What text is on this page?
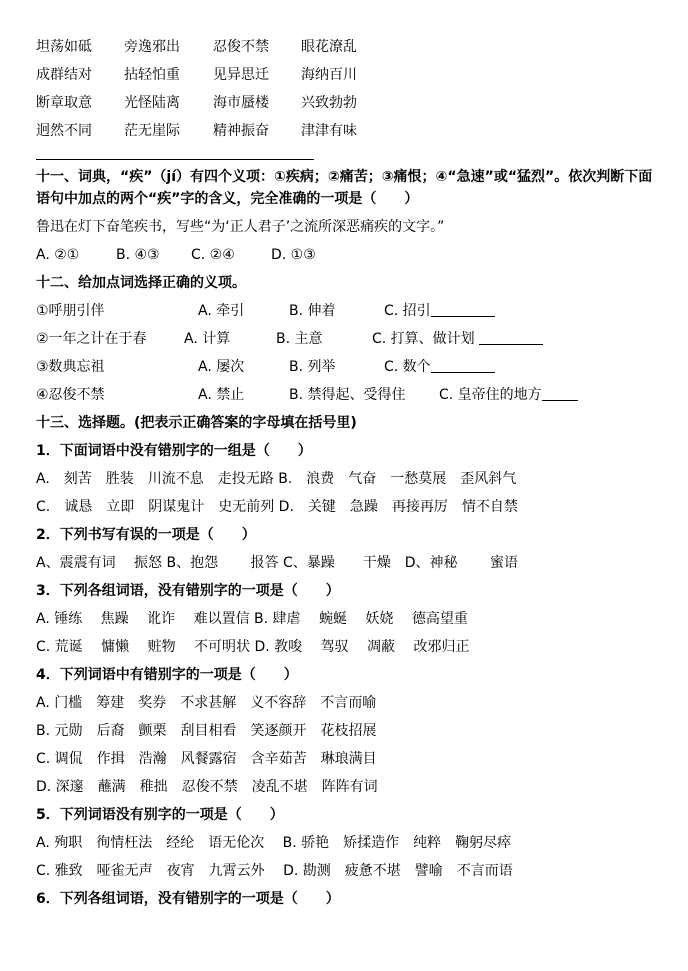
坦荡如砥 旁逸邪出 忍俊不禁 眼花潦乱
成群结对 拈轻怕重 见异思迁 海纳百川
断章取意 光怪陆离 海市蜃楼 兴致勃勃
迥然不同 茫无崖际 精神振奋 津津有味
十一、词典，“疾”（jí）有四个义项：①疾病；②痛苦；③痛恨；④“急速”或“猛烈”。依次判断下面语句中加点的两个“疾”字的含义，完全准确的一项是（　　）
鲁迅在灯下奋笔疾书，写些“为‘正人君子’之流所深恶痛疾的文字。”
A. ②①	B. ④③ C. ②④	D. ①③
十二、给加点词选择正确的义项。
①呼朋引伴	A. 牵引	B. 伸着	C. 招引
②一年之计在于春	A. 计算	B. 主意	C. 打算、做计划
③数典忘祖	A. 屡次	B. 列举	C. 数个
④忍俊不禁	A. 禁止	B. 禁得起、受得住 C. 皇帝住的地方
十三、选择题。(把表示正确答案的字母填在括号里)
1．下面词语中没有错别字的一组是（　　）
A.　刻苦　胜装　川流不息　走投无路 B.　浪费　气奋　一愁莫展　歪风斜气
C.　诚恳　立即　阴谋鬼计　史无前列 D.　关键　急躁　再接再厉　情不自禁
2．下列书写有误的一项是（　　）
A、震震有词　 振怒 B、抱怨　　 报答 C、暴躁　　干燥　D、神秘　　 蜜语
3．下列各组词语，没有错别字的一项是（　　）
A. 锤练　 焦躁　 讹诈　 难以置信 B. 肆虐　 蜿蜒　 妖娆　 德高望重
C. 荒诞　 慵懒　 赃物　 不可明状 D. 教唆　 驾驭　 凋蔽　 改邪归正
4．下列词语中有错别字的一项是（　　）
A. 门槛　筹建　奖券　不求甚解　义不容辞　不言而喻
B. 元勋　后裔　颤栗　刮目相看　笑逐颜开　花枝招展
C. 调侃　作揖　浩瀚　风餐露宿　含辛茹苦　琳琅满目
D. 深邃　蘸满　稚拙　忍俊不禁　凌乱不堪　阵阵有词
5．下列词语没有别字的一项是（　　）
A. 殉职　徇情枉法　经纶　语无伦次　 B. 骄艳　矫揉造作　纯粹　鞠躬尽瘁
C. 雅致　哑雀无声　夜宵　九霄云外　 D. 勘测　疲惫不堪　譬喻　不言而语
6．下列各组词语，没有错别字的一项是（　　）
